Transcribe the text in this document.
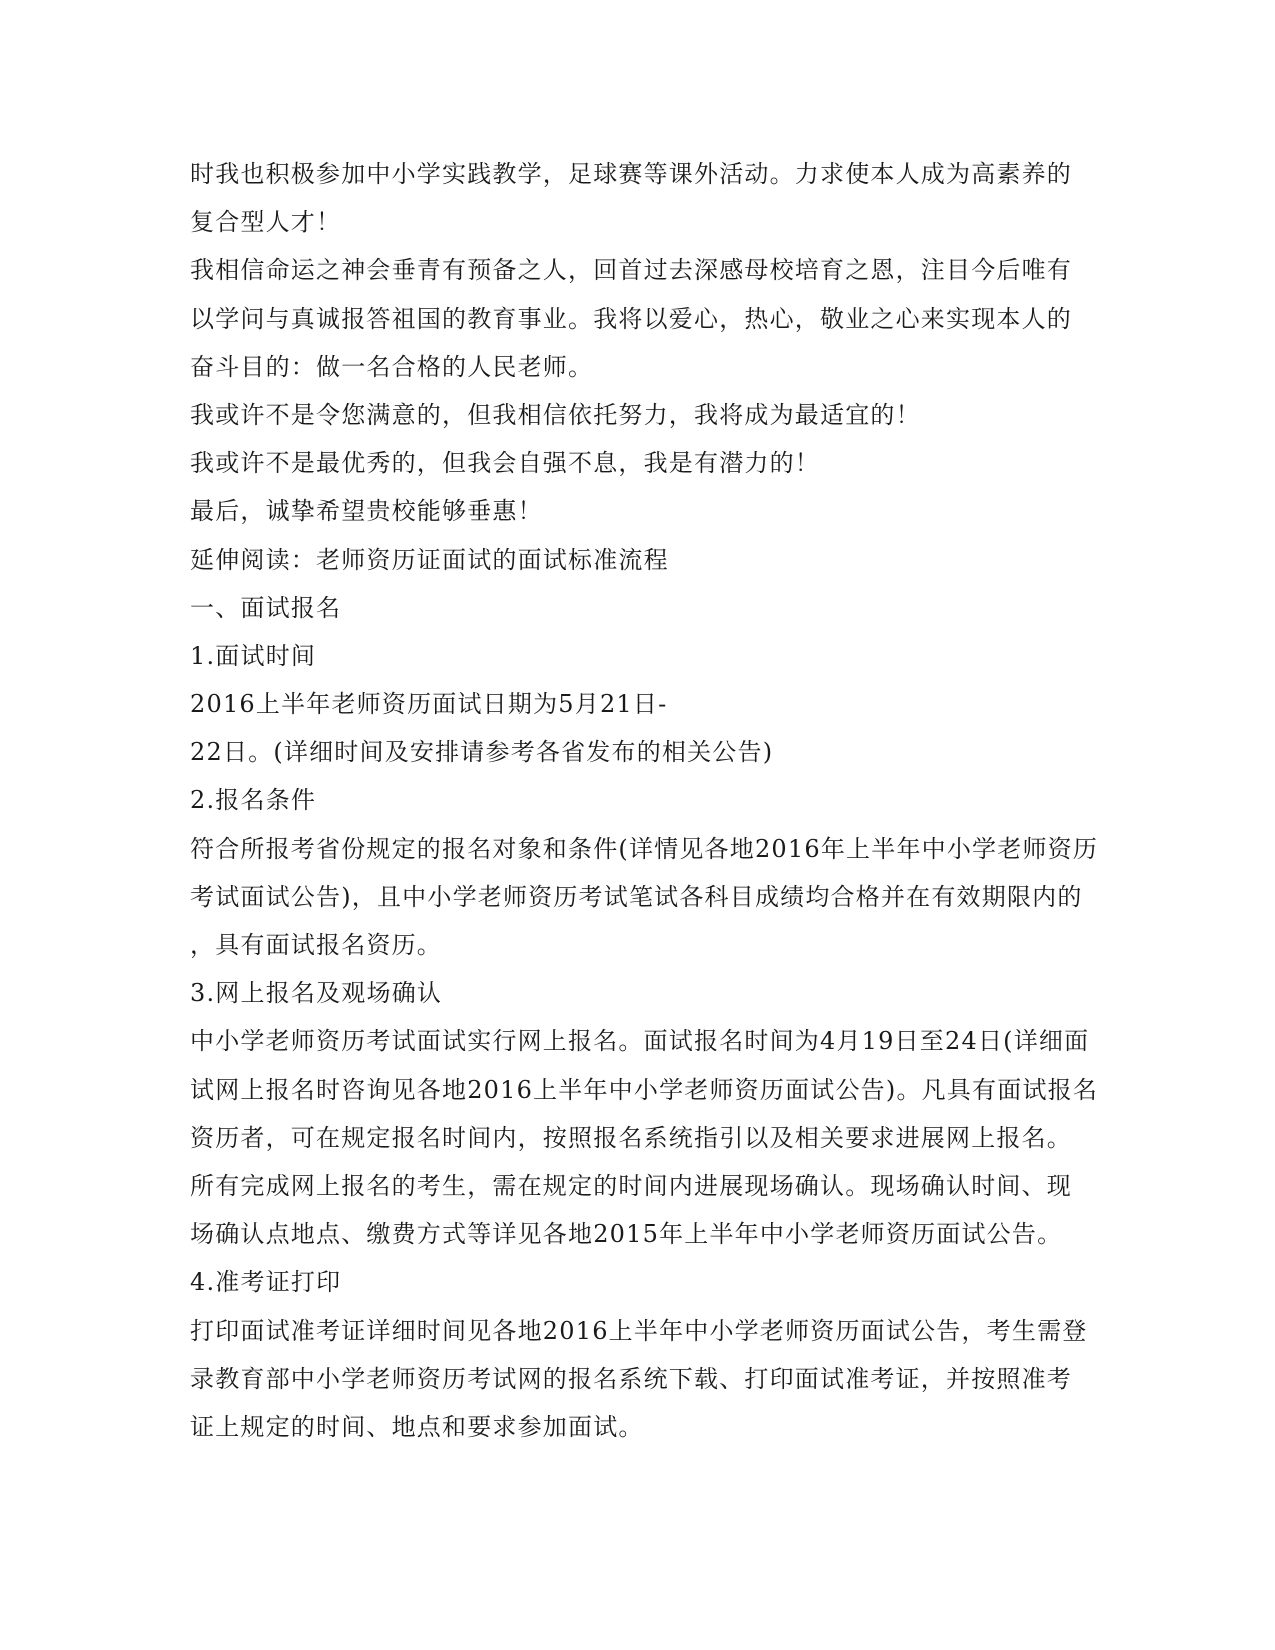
时我也积极参加中小学实践教学，足球赛等课外活动。力求使本人成为高素养的
复合型人才！
我相信命运之神会垂青有预备之人，回首过去深感母校培育之恩，注目今后唯有
以学问与真诚报答祖国的教育事业。我将以爱心，热心，敬业之心来实现本人的
奋斗目的：做一名合格的人民老师。
我或许不是令您满意的，但我相信依托努力，我将成为最适宜的！
我或许不是最优秀的，但我会自强不息，我是有潜力的！
最后，诚挚希望贵校能够垂惠！
延伸阅读：老师资历证面试的面试标准流程
一、面试报名
1.面试时间
2016上半年老师资历面试日期为5月21日-
22日。(详细时间及安排请参考各省发布的相关公告)
2.报名条件
符合所报考省份规定的报名对象和条件(详情见各地2016年上半年中小学老师资历
考试面试公告)，且中小学老师资历考试笔试各科目成绩均合格并在有效期限内的
，具有面试报名资历。
3.网上报名及观场确认
中小学老师资历考试面试实行网上报名。面试报名时间为4月19日至24日(详细面
试网上报名时咨询见各地2016上半年中小学老师资历面试公告)。凡具有面试报名
资历者，可在规定报名时间内，按照报名系统指引以及相关要求进展网上报名。
所有完成网上报名的考生，需在规定的时间内进展现场确认。现场确认时间、现
场确认点地点、缴费方式等详见各地2015年上半年中小学老师资历面试公告。
4.准考证打印
打印面试准考证详细时间见各地2016上半年中小学老师资历面试公告，考生需登
录教育部中小学老师资历考试网的报名系统下载、打印面试准考证，并按照准考
证上规定的时间、地点和要求参加面试。
